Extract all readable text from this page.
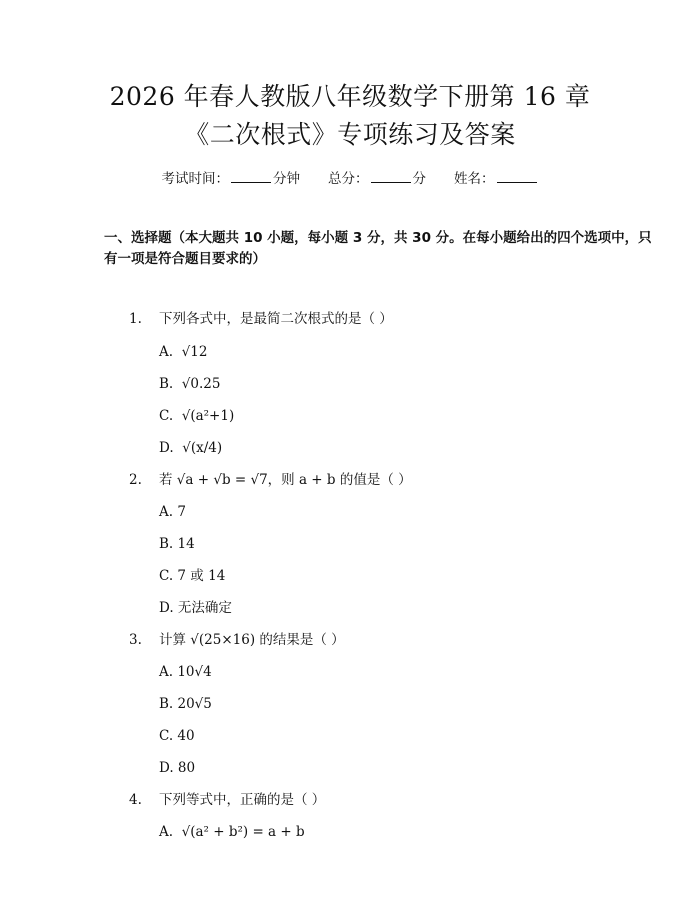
2026 年春人教版八年级数学下册第 16 章
《二次根式》专项练习及答案
考试时间：	分钟 总分：	分 姓名：
一、选择题（本大题共 10 小题，每小题 3 分，共 30 分。在每小题给出的四个选项中，只有一项是符合题目要求的）
1. 下列各式中，是最简二次根式的是（ ）
A.  √12
B.  √0.25
C.  √(a²+1)
D.  √(x/4)
2. 若 √a + √b = √7，则 a + b 的值是（ ）
A. 7
B. 14
C. 7 或 14
D. 无法确定
3. 计算 √(25×16) 的结果是（ ）
A. 10√4
B. 20√5
C. 40
D. 80
4. 下列等式中，正确的是（ ）
A.  √(a² + b²) = a + b
